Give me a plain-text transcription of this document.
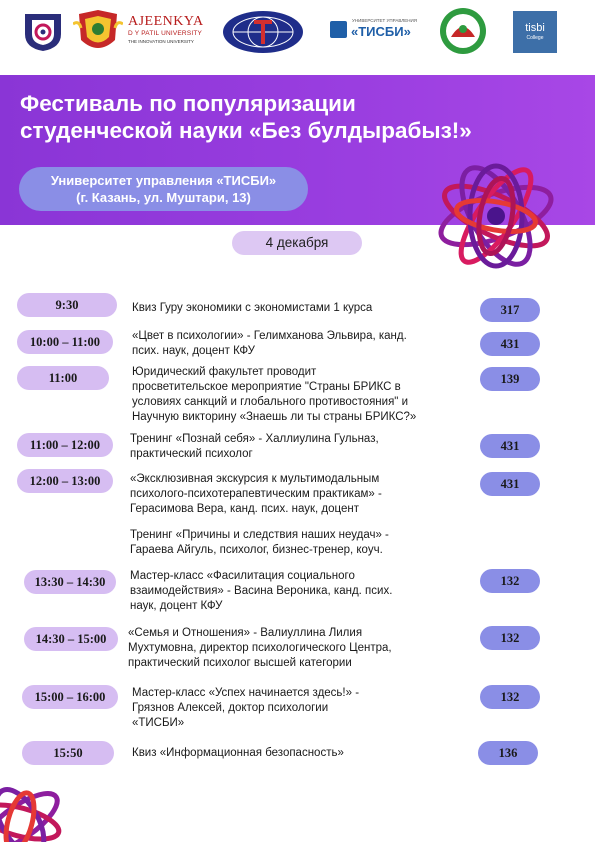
AJEENKYA
D Y PATIL UNIVERSITY
THE INNOVATION UNIVERSITY
УНИВЕРСИТЕТ УПРАВЛЕНИЯ
«ТИСБИ»	tisbi
College
Фестиваль по популяризации
студенческой науки «Без булдырабыз!»
Университет управления «ТИСБИ»
(г. Казань, ул. Муштари, 13)
4 декабря
9:30	Квиз Гуру экономики с экономистами 1 курса	317
10:00 – 11:00	«Цвет в психологии» - Гелимханова Эльвира, канд.
псих. наук, доцент КФУ	431
11:00	Юридический факультет проводит
просветительское мероприятие "Страны БРИКС в
условиях санкций и глобального противостояния" и
Научную викторину «Знаешь ли ты страны БРИКС?»
139
11:00 – 12:00	Тренинг «Познай себя» - Халлиулина Гульназ,
практический психолог
431
12:00 – 13:00	«Эксклюзивная экскурсия к мультимодальным
психолого-психотерапевтическим практикам» -
Герасимова Вера, канд. псих. наук, доцент
431
Тренинг «Причины и следствия наших неудач» -
Гараева Айгуль, психолог, бизнес-тренер, коуч.
13:30 – 14:30	Мастер-класс «Фасилитация социального
взаимодействия» - Васина Вероника, канд. псих.
наук, доцент КФУ
132
14:30 – 15:00	«Семья и Отношения» - Валиуллина Лилия
Мухтумовна, директор психологического Центра,
практический психолог высшей категории
132
15:00 – 16:00	Мастер-класс «Успех начинается здесь!» -
Грязнов Алексей, доктор психологии
«ТИСБИ»
132
15:50	Квиз «Информационная безопасность»	136
